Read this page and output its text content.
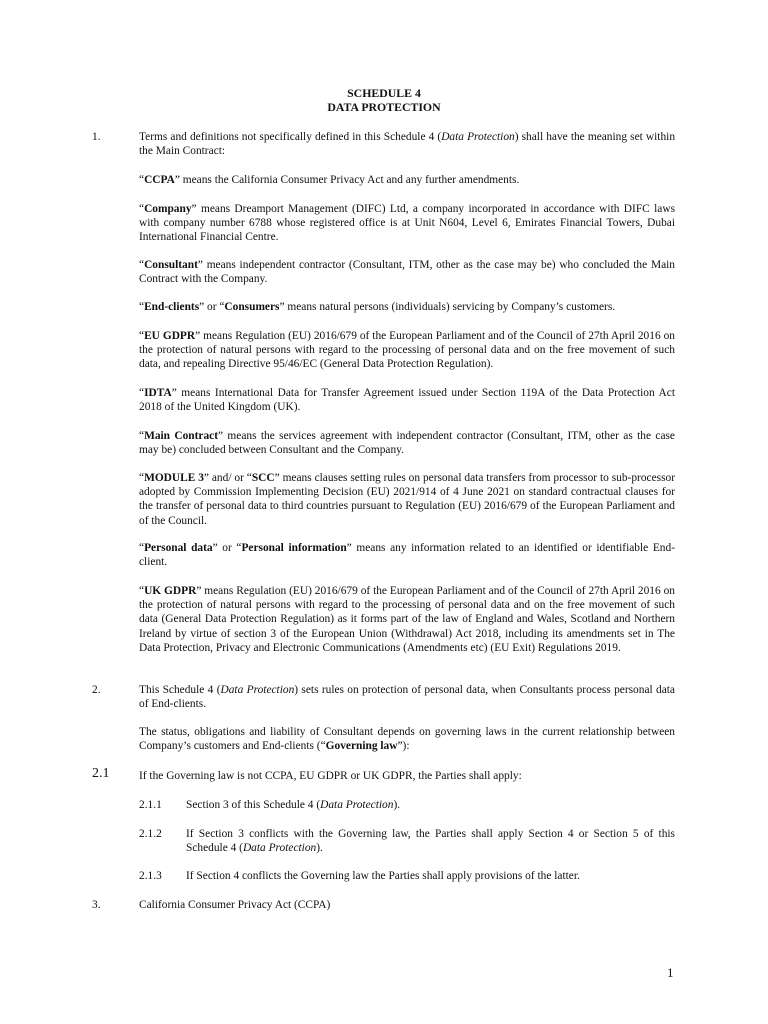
SCHEDULE 4
DATA PROTECTION
1.	Terms and definitions not specifically defined in this Schedule 4 (Data Protection) shall have the meaning set within the Main Contract:

“CCPA” means the California Consumer Privacy Act and any further amendments.

“Company” means Dreamport Management (DIFC) Ltd, a company incorporated in accordance with DIFC laws with company number 6788 whose registered office is at Unit N604, Level 6, Emirates Financial Towers, Dubai International Financial Centre.

“Consultant” means independent contractor (Consultant, ITM, other as the case may be) who concluded the Main Contract with the Company.

“End-clients” or “Consumers” means natural persons (individuals) servicing by Company’s customers.

“EU GDPR” means Regulation (EU) 2016/679 of the European Parliament and of the Council of 27th April 2016 on the protection of natural persons with regard to the processing of personal data and on the free movement of such data, and repealing Directive 95/46/EC (General Data Protection Regulation).

“IDTA” means International Data for Transfer Agreement issued under Section 119A of the Data Protection Act 2018 of the United Kingdom (UK).

“Main Contract” means the services agreement with independent contractor (Consultant, ITM, other as the case may be) concluded between Consultant and the Company.

“MODULE 3” and/ or “SCC” means clauses setting rules on personal data transfers from processor to sub-processor adopted by Commission Implementing Decision (EU) 2021/914 of 4 June 2021 on standard contractual clauses for the transfer of personal data to third countries pursuant to Regulation (EU) 2016/679 of the European Parliament and of the Council.

“Personal data” or “Personal information” means any information related to an identified or identifiable End-client.

“UK GDPR” means Regulation (EU) 2016/679 of the European Parliament and of the Council of 27th April 2016 on the protection of natural persons with regard to the processing of personal data and on the free movement of such data (General Data Protection Regulation) as it forms part of the law of England and Wales, Scotland and Northern Ireland by virtue of section 3 of the European Union (Withdrawal) Act 2018, including its amendments set in The Data Protection, Privacy and Electronic Communications (Amendments etc) (EU Exit) Regulations 2019.

2.	This Schedule 4 (Data Protection) sets rules on protection of personal data, when Consultants process personal data of End-clients.

The status, obligations and liability of Consultant depends on governing laws in the current relationship between Company’s customers and End-clients (“Governing law”):

2.1	If the Governing law is not CCPA, EU GDPR or UK GDPR, the Parties shall apply:
2.1.1 Section 3 of this Schedule 4 (Data Protection).
2.1.2 If Section 3 conflicts with the Governing law, the Parties shall apply Section 4 or Section 5 of this Schedule 4 (Data Protection).
2.1.3 If Section 4 conflicts the Governing law the Parties shall apply provisions of the latter.
3.	California Consumer Privacy Act (CCPA)
1
